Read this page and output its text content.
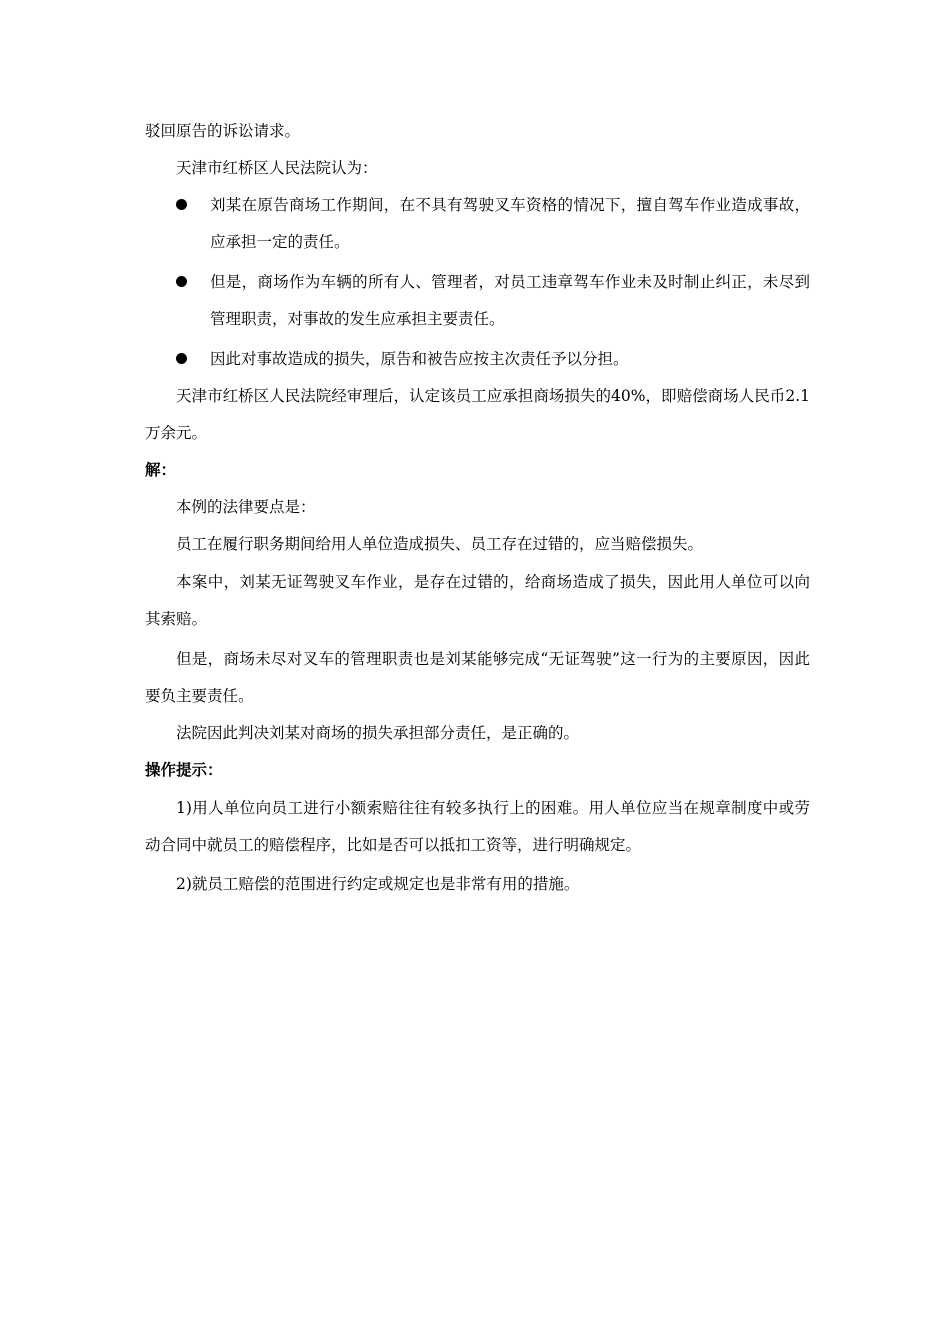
驳回原告的诉讼请求。

天津市红桥区人民法院认为：

刘某在原告商场工作期间，在不具有驾驶叉车资格的情况下，擅自驾车作业造成事故，应承担一定的责任。
但是，商场作为车辆的所有人、管理者，对员工违章驾车作业未及时制止纠正，未尽到管理职责，对事故的发生应承担主要责任。
因此对事故造成的损失，原告和被告应按主次责任予以分担。

天津市红桥区人民法院经审理后，认定该员工应承担商场损失的40%，即赔偿商场人民币2.1万余元。

解：

本例的法律要点是：

员工在履行职务期间给用人单位造成损失、员工存在过错的，应当赔偿损失。

本案中，刘某无证驾驶叉车作业，是存在过错的，给商场造成了损失，因此用人单位可以向其索赔。

但是，商场未尽对叉车的管理职责也是刘某能够完成“无证驾驶”这一行为的主要原因，因此要负主要责任。

法院因此判决刘某对商场的损失承担部分责任，是正确的。

操作提示：

1)用人单位向员工进行小额索赔往往有较多执行上的困难。用人单位应当在规章制度中或劳动合同中就员工的赔偿程序，比如是否可以抵扣工资等，进行明确规定。

2)就员工赔偿的范围进行约定或规定也是非常有用的措施。
